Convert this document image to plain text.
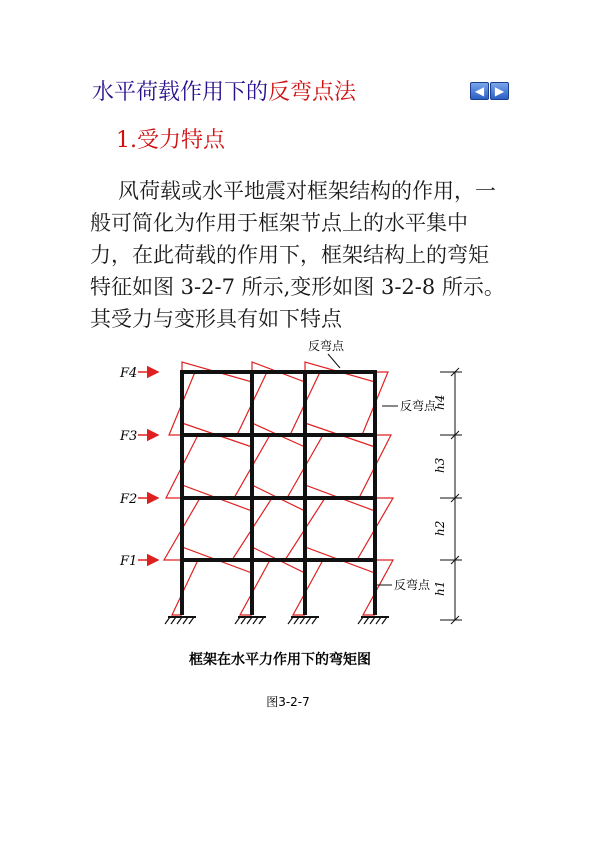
水平荷载作用下的反弯点法	◀ ▶
1.受力特点

风荷载或水平地震对框架结构的作用，一
般可简化为作用于框架节点上的水平集中
力，在此荷载的作用下，框架结构上的弯矩
特征如图 3-2-7 所示,变形如图 3-2-8 所示。
其受力与变形具有如下特点

F4
F3
F2
F1
反弯点
反弯点
反弯点
h4
h3
h2
h1
框架在水平力作用下的弯矩图
图3-2-7
